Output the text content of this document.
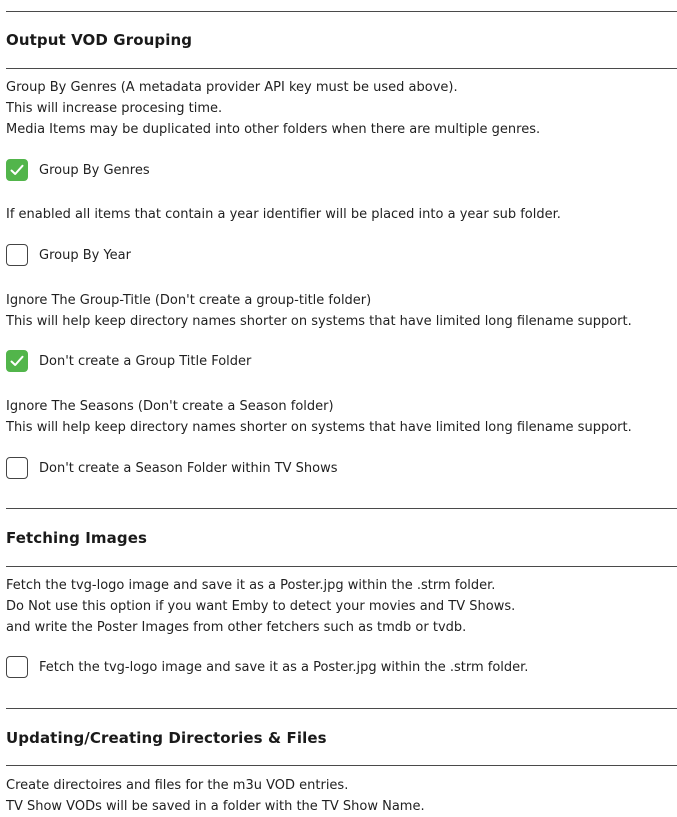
Output VOD Grouping
Group By Genres (A metadata provider API key must be used above).
This will increase procesing time.
Media Items may be duplicated into other folders when there are multiple genres.
Group By Genres
If enabled all items that contain a year identifier will be placed into a year sub folder.
Group By Year
Ignore The Group-Title (Don't create a group-title folder)
This will help keep directory names shorter on systems that have limited long filename support.
Don't create a Group Title Folder
Ignore The Seasons (Don't create a Season folder)
This will help keep directory names shorter on systems that have limited long filename support.
Don't create a Season Folder within TV Shows
Fetching Images
Fetch the tvg-logo image and save it as a Poster.jpg within the .strm folder.
Do Not use this option if you want Emby to detect your movies and TV Shows.
and write the Poster Images from other fetchers such as tmdb or tvdb.
Fetch the tvg-logo image and save it as a Poster.jpg within the .strm folder.
Updating/Creating Directories & Files
Create directoires and files for the m3u VOD entries.
TV Show VODs will be saved in a folder with the TV Show Name.
